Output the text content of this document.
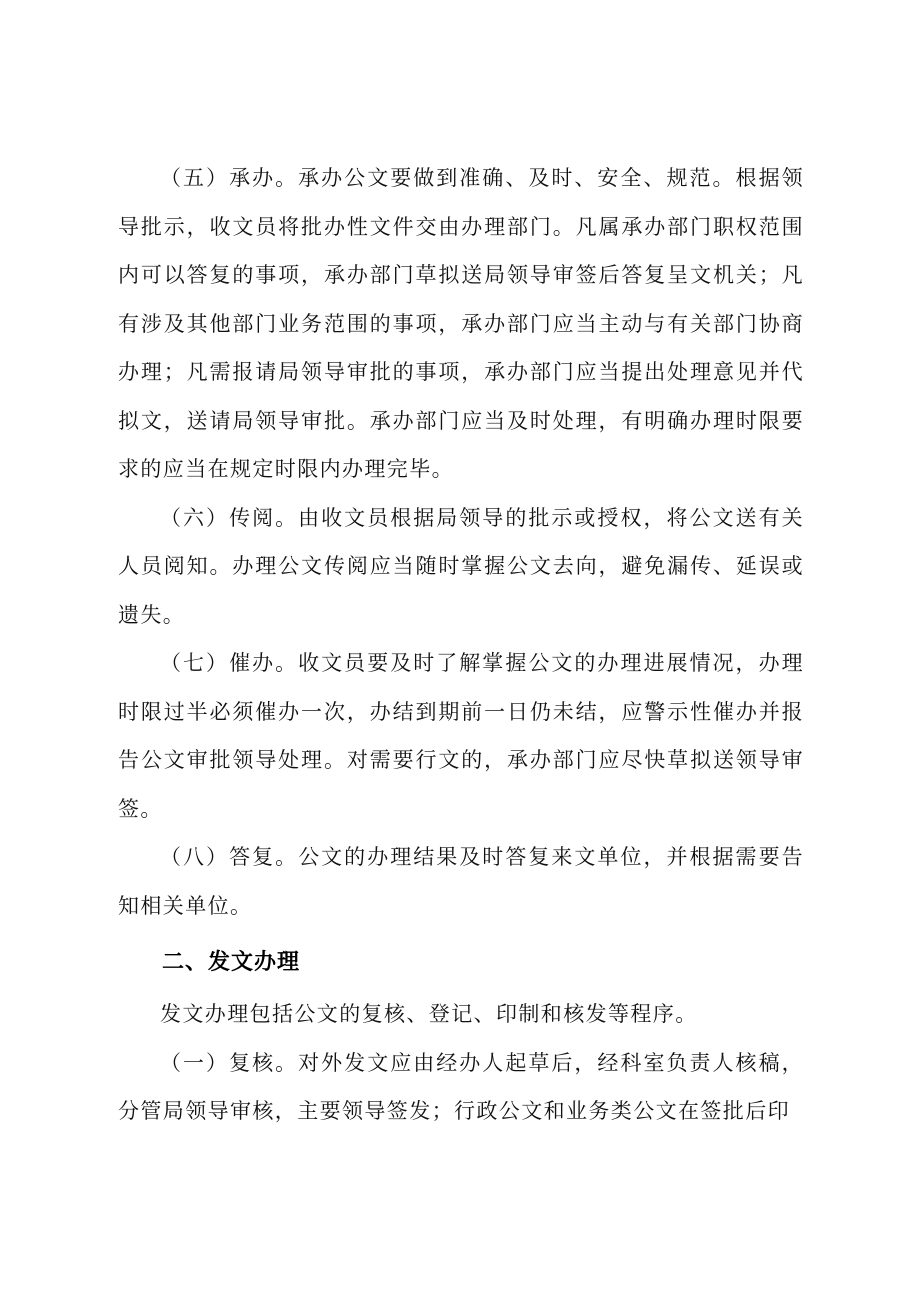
（五）承办。承办公文要做到准确、及时、安全、规范。根据领导批示，收文员将批办性文件交由办理部门。凡属承办部门职权范围内可以答复的事项，承办部门草拟送局领导审签后答复呈文机关；凡有涉及其他部门业务范围的事项，承办部门应当主动与有关部门协商办理；凡需报请局领导审批的事项，承办部门应当提出处理意见并代拟文，送请局领导审批。承办部门应当及时处理，有明确办理时限要求的应当在规定时限内办理完毕。

（六）传阅。由收文员根据局领导的批示或授权，将公文送有关人员阅知。办理公文传阅应当随时掌握公文去向，避免漏传、延误或遗失。

（七）催办。收文员要及时了解掌握公文的办理进展情况，办理时限过半必须催办一次，办结到期前一日仍未结，应警示性催办并报告公文审批领导处理。对需要行文的，承办部门应尽快草拟送领导审签。

（八）答复。公文的办理结果及时答复来文单位，并根据需要告知相关单位。

二、发文办理

发文办理包括公文的复核、登记、印制和核发等程序。

（一）复核。对外发文应由经办人起草后，经科室负责人核稿，分管局领导审核，主要领导签发；行政公文和业务类公文在签批后印
